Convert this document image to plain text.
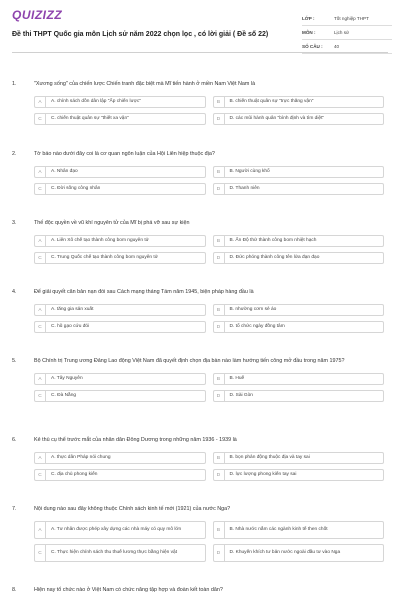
QUIZIZZ
Đề thi THPT Quốc gia môn Lịch sử năm 2022 chọn lọc , có lời giải ( Đề số 22)
LỚP :	Tốt nghiệp THPT
MÔN :	Lịch sử
SỐ CÂU :	40
1.	"Xương sống" của chiến lược Chiến tranh đặc biệt mà Mĩ tiến hành ở miền Nam Việt Nam là
A	A. chính sách dồn dân lập "Ấp chiến lược"	B	B. chiến thuật quân sự "trực thăng vận"
C	C. chiến thuật quân sự "thiết xa vận"	D	D. các mũi hành quân "bình định và tìm diệt"
2.	Tờ báo nào dưới đây coi là cơ quan ngôn luận của Hội Liên hiệp thuộc địa?
A	A. Nhân đạo	B	B. Người cùng khổ
C	C. Đời sống công nhân	D	D. Thanh niên
3.	Thế độc quyền về vũ khí nguyên tử của Mĩ bị phá vỡ sau sự kiện
A	A. Liên Xô chế tạo thành công bom nguyên tử	B	B. Ấn Độ thử thành công bom nhiệt hạch
C	C. Trung Quốc chế tạo thành công bom nguyên tử	D	D. Đức phóng thành công tên lửa đạn đạo
4.	Để giải quyết căn bản nạn đói sau Cách mạng tháng Tám năm 1945, biện pháp hàng đầu là
A	A. tăng gia sản xuất	B	B. nhường cơm sẻ áo
C	C. hũ gạo cứu đói	D	D. tổ chức ngày đồng tâm
5.	Bộ Chính trị Trung ương Đảng Lao động Việt Nam đã quyết định chọn địa bàn nào làm hướng tiến công mở đầu trong năm 1975?
A	A. Tây Nguyên	B	B. Huế
C	C. Đà Nẵng	D	D. Sài Gòn
6.	Kẻ thù cụ thể trước mắt của nhân dân Đông Dương trong những năm 1936 - 1939 là
A	A. thực dân Pháp nói chung	B	B. bọn phản động thuộc địa và tay sai
C	C. địa chủ phong kiến	D	D. lực lượng phong kiến tay sai
7.	Nội dung nào sau đây không thuộc Chính sách kinh tế mới (1921) của nước Nga?
A	A. Tư nhân được phép xây dựng các nhà máy có quy mô lớn	B	B. Nhà nước nắm các ngành kinh tế then chốt
C	C. Thực hiện chính sách thu thuế lương thực bằng hiện vật	D	D. Khuyến khích tư bản nước ngoài đầu tư vào Nga
8.	Hiện nay tổ chức nào ở Việt Nam có chức năng tập hợp và đoàn kết toàn dân?
